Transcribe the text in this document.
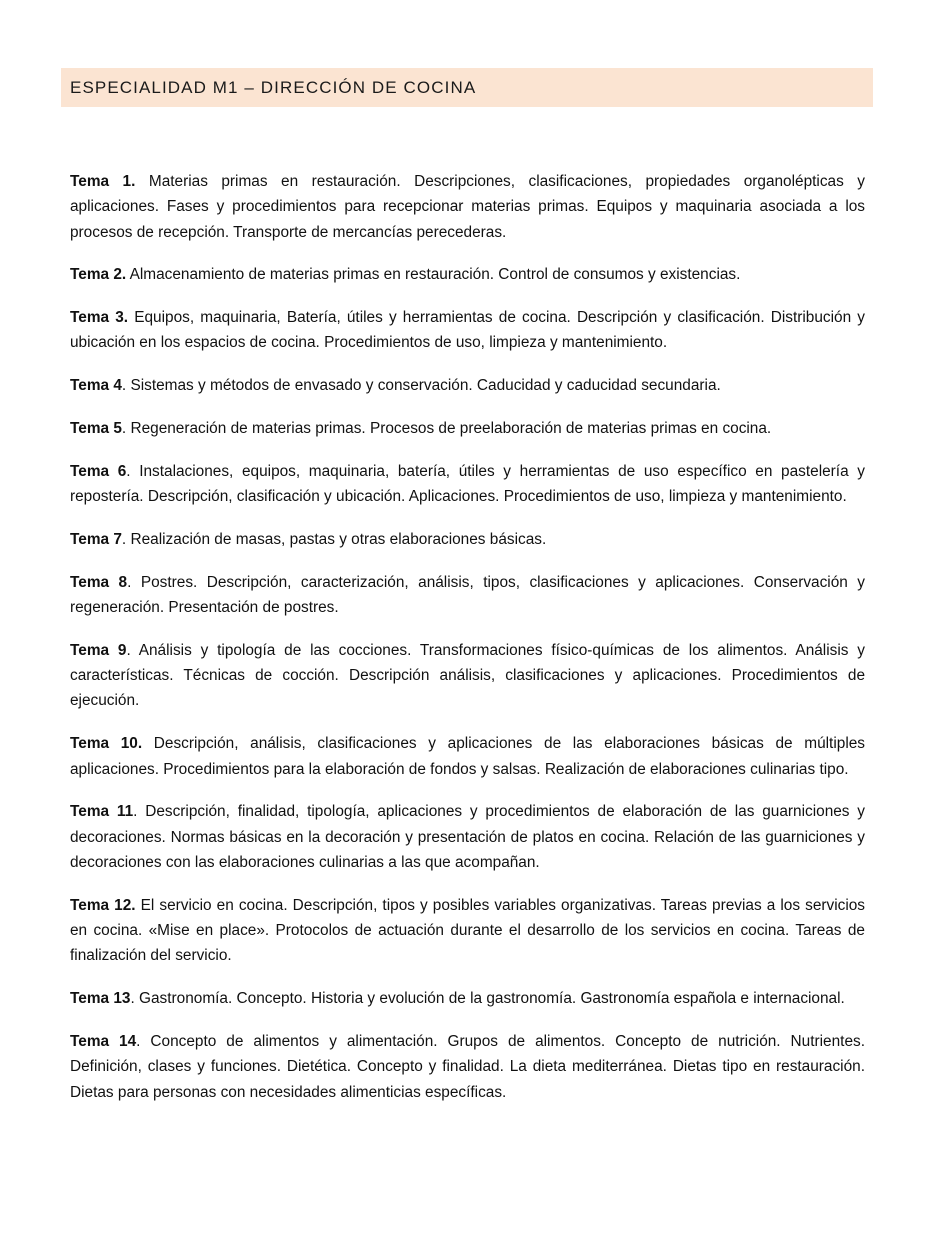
ESPECIALIDAD M1 – DIRECCIÓN DE COCINA

Tema 1. Materias primas en restauración. Descripciones, clasificaciones, propiedades organolépticas y aplicaciones. Fases y procedimientos para recepcionar materias primas. Equipos y maquinaria asociada a los procesos de recepción. Transporte de mercancías perecederas.

Tema 2. Almacenamiento de materias primas en restauración. Control de consumos y existencias.

Tema 3. Equipos, maquinaria, Batería, útiles y herramientas de cocina. Descripción y clasificación. Distribución y ubicación en los espacios de cocina. Procedimientos de uso, limpieza y mantenimiento.

Tema 4. Sistemas y métodos de envasado y conservación. Caducidad y caducidad secundaria.

Tema 5. Regeneración de materias primas. Procesos de preelaboración de materias primas en cocina.

Tema 6. Instalaciones, equipos, maquinaria, batería, útiles y herramientas de uso específico en pastelería y repostería. Descripción, clasificación y ubicación. Aplicaciones. Procedimientos de uso, limpieza y mantenimiento.

Tema 7. Realización de masas, pastas y otras elaboraciones básicas.

Tema 8. Postres. Descripción, caracterización, análisis, tipos, clasificaciones y aplicaciones. Conservación y regeneración. Presentación de postres.

Tema 9. Análisis y tipología de las cocciones. Transformaciones físico-químicas de los alimentos. Análisis y características. Técnicas de cocción. Descripción análisis, clasificaciones y aplicaciones. Procedimientos de ejecución.

Tema 10. Descripción, análisis, clasificaciones y aplicaciones de las elaboraciones básicas de múltiples aplicaciones. Procedimientos para la elaboración de fondos y salsas. Realización de elaboraciones culinarias tipo.

Tema 11. Descripción, finalidad, tipología, aplicaciones y procedimientos de elaboración de las guarniciones y decoraciones. Normas básicas en la decoración y presentación de platos en cocina. Relación de las guarniciones y decoraciones con las elaboraciones culinarias a las que acompañan.

Tema 12. El servicio en cocina. Descripción, tipos y posibles variables organizativas. Tareas previas a los servicios en cocina. «Mise en place». Protocolos de actuación durante el desarrollo de los servicios en cocina. Tareas de finalización del servicio.

Tema 13. Gastronomía. Concepto. Historia y evolución de la gastronomía. Gastronomía española e internacional.

Tema 14. Concepto de alimentos y alimentación. Grupos de alimentos. Concepto de nutrición. Nutrientes. Definición, clases y funciones. Dietética. Concepto y finalidad. La dieta mediterránea. Dietas tipo en restauración. Dietas para personas con necesidades alimenticias específicas.
